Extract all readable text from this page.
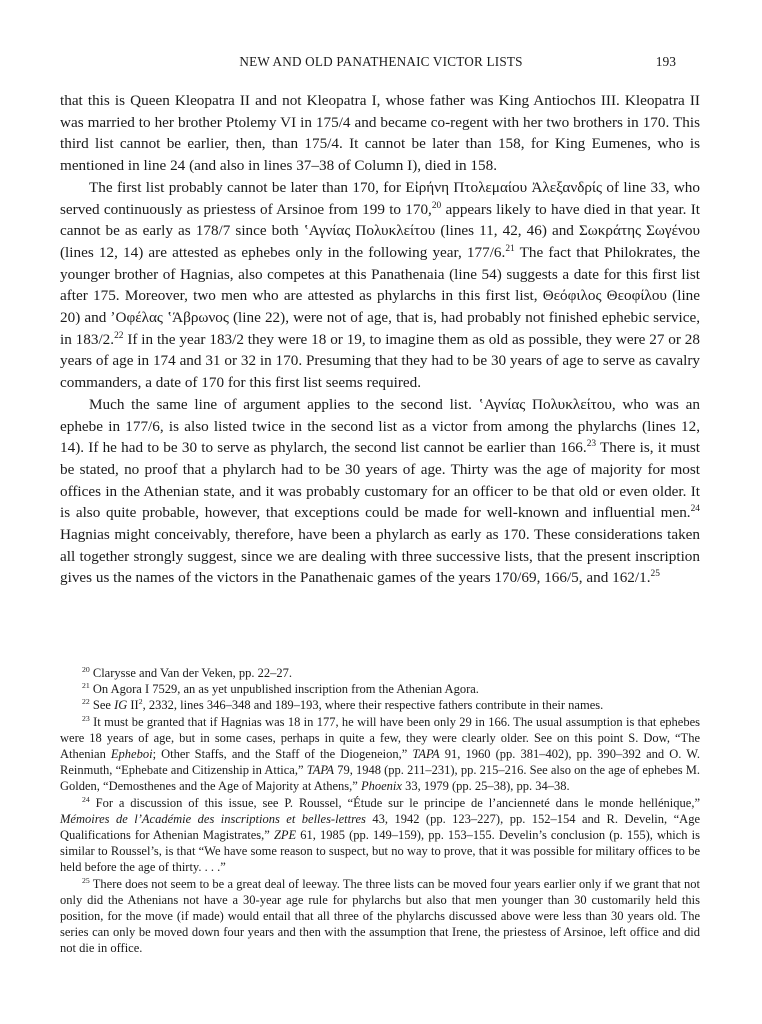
NEW AND OLD PANATHENAIC VICTOR LISTS	193

that this is Queen Kleopatra II and not Kleopatra I, whose father was King Antiochos III. Kleopatra II was married to her brother Ptolemy VI in 175/4 and became co-regent with her two brothers in 170. This third list cannot be earlier, then, than 175/4. It cannot be later than 158, for King Eumenes, who is mentioned in line 24 (and also in lines 37–38 of Column I), died in 158.

The first list probably cannot be later than 170, for Εἰρήνη Πτολεμαίου Ἀλεξανδρίς of line 33, who served continuously as priestess of Arsinoe from 199 to 170,20 appears likely to have died in that year. It cannot be as early as 178/7 since both ʽΑγνίας Πολυκλείτου (lines 11, 42, 46) and Σωκράτης Σωγένου (lines 12, 14) are attested as ephebes only in the following year, 177/6.21 The fact that Philokrates, the younger brother of Hagnias, also competes at this Panathenaia (line 54) suggests a date for this first list after 175. Moreover, two men who are attested as phylarchs in this first list, Θεόφιλος Θεοφίλου (line 20) and ʼΟφέλας ʽΆβρωνος (line 22), were not of age, that is, had probably not finished ephebic service, in 183/2.22 If in the year 183/2 they were 18 or 19, to imagine them as old as possible, they were 27 or 28 years of age in 174 and 31 or 32 in 170. Presuming that they had to be 30 years of age to serve as cavalry commanders, a date of 170 for this first list seems required.

Much the same line of argument applies to the second list. ʽΑγνίας Πολυκλείτου, who was an ephebe in 177/6, is also listed twice in the second list as a victor from among the phylarchs (lines 12, 14). If he had to be 30 to serve as phylarch, the second list cannot be earlier than 166.23 There is, it must be stated, no proof that a phylarch had to be 30 years of age. Thirty was the age of majority for most offices in the Athenian state, and it was probably customary for an officer to be that old or even older. It is also quite probable, however, that exceptions could be made for well-known and influential men.$^{24}$ Hagnias might conceivably, therefore, have been a phylarch as early as 170. These considerations taken all together strongly suggest, since we are dealing with three successive lists, that the present inscription gives us the names of the victors in the Panathenaic games of the years 170/69, 166/5, and 162/1.25

$^{20}$ Clarysse and Van der Veken, pp. 22–27.

$^{21}$ On Agora I 7529, an as yet unpublished inscription from the Athenian Agora.

$^{22}$ See IG $II^2$, 2332, lines 346–348 and 189–193, where their respective fathers contribute in their names.

$^{23}$ It must be granted that if Hagnias was 18 in 177, he will have been only 29 in 166. The usual assumption is that ephebes were 18 years of age, but in some cases, perhaps in quite a few, they were clearly older. See on this point S. Dow, “The Athenian Epheboi; Other Staffs, and the Staff of the Diogeneion,” TAPA 91, 1960 (pp. 381–402), pp. 390–392 and O. W. Reinmuth, “Ephebate and Citizenship in Attica,” TAPA 79, 1948 (pp. 211–231), pp. 215–216. See also on the age of ephebes M. Golden, “Demosthenes and the Age of Majority at Athens,” Phoenix 33, 1979 (pp. 25–38), pp. 34–38.

$^{24}$ For a discussion of this issue, see P. Roussel, “Étude sur le principe de l’ancienneté dans le monde hellénique,” Mémoires de l’Académie des inscriptions et belles-lettres 43, 1942 (pp. 123–227), pp. 152–154 and R. Develin, “Age Qualifications for Athenian Magistrates,” ZPE 61, 1985 (pp. 149–159), pp. 153–155. Develin’s conclusion (p. 155), which is similar to Roussel’s, is that “We have some reason to suspect, but no way to prove, that it was possible for military offices to be held before the age of thirty. . . .”

$^{25}$ There does not seem to be a great deal of leeway. The three lists can be moved four years earlier only if we grant that not only did the Athenians not have a 30-year age rule for phylarchs but also that men younger than 30 customarily held this position, for the move (if made) would entail that all three of the phylarchs discussed above were less than 30 years old. The series can only be moved down four years and then with the assumption that Irene, the priestess of Arsinoe, left office and did not die in office.
